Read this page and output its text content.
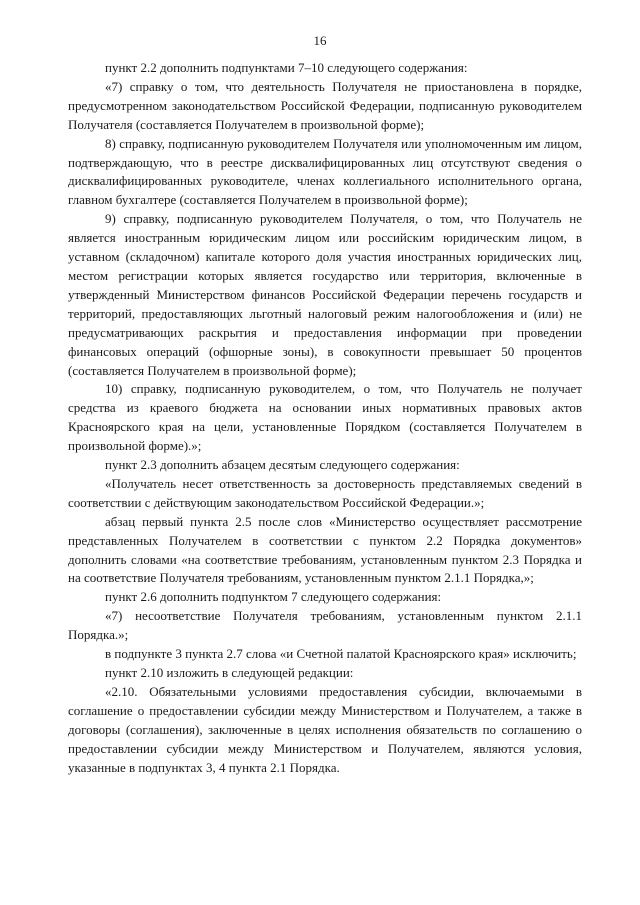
16

пункт 2.2 дополнить подпунктами 7–10 следующего содержания:

«7) справку о том, что деятельность Получателя не приостановлена в порядке, предусмотренном законодательством Российской Федерации, подписанную руководителем Получателя (составляется Получателем в произвольной форме);

8) справку, подписанную руководителем Получателя или уполномоченным им лицом, подтверждающую, что в реестре дисквалифицированных лиц отсутствуют сведения о дисквалифицированных руководителе, членах коллегиального исполнительного органа, главном бухгалтере (составляется Получателем в произвольной форме);

9) справку, подписанную руководителем Получателя, о том, что Получатель не является иностранным юридическим лицом или российским юридическим лицом, в уставном (складочном) капитале которого доля участия иностранных юридических лиц, местом регистрации которых является государство или территория, включенные в утвержденный Министерством финансов Российской Федерации перечень государств и территорий, предоставляющих льготный налоговый режим налогообложения и (или) не предусматривающих раскрытия и предоставления информации при проведении финансовых операций (офшорные зоны), в совокупности превышает 50 процентов (составляется Получателем в произвольной форме);

10) справку, подписанную руководителем, о том, что Получатель не получает средства из краевого бюджета на основании иных нормативных правовых актов Красноярского края на цели, установленные Порядком (составляется Получателем в произвольной форме).»;

пункт 2.3 дополнить абзацем десятым следующего содержания:

«Получатель несет ответственность за достоверность представляемых сведений в соответствии с действующим законодательством Российской Федерации.»;

абзац первый пункта 2.5 после слов «Министерство осуществляет рассмотрение представленных Получателем в соответствии с пунктом 2.2 Порядка документов» дополнить словами «на соответствие требованиям, установленным пунктом 2.3 Порядка и на соответствие Получателя требованиям, установленным пунктом 2.1.1 Порядка,»;

пункт 2.6 дополнить подпунктом 7 следующего содержания:

«7) несоответствие Получателя требованиям, установленным пунктом 2.1.1 Порядка.»;

в подпункте 3 пункта 2.7 слова «и Счетной палатой Красноярского края» исключить;

пункт 2.10 изложить в следующей редакции:

«2.10. Обязательными условиями предоставления субсидии, включаемыми в соглашение о предоставлении субсидии между Министерством и Получателем, а также в договоры (соглашения), заключенные в целях исполнения обязательств по соглашению о предоставлении субсидии между Министерством и Получателем, являются условия, указанные в подпунктах 3, 4 пункта 2.1 Порядка.
